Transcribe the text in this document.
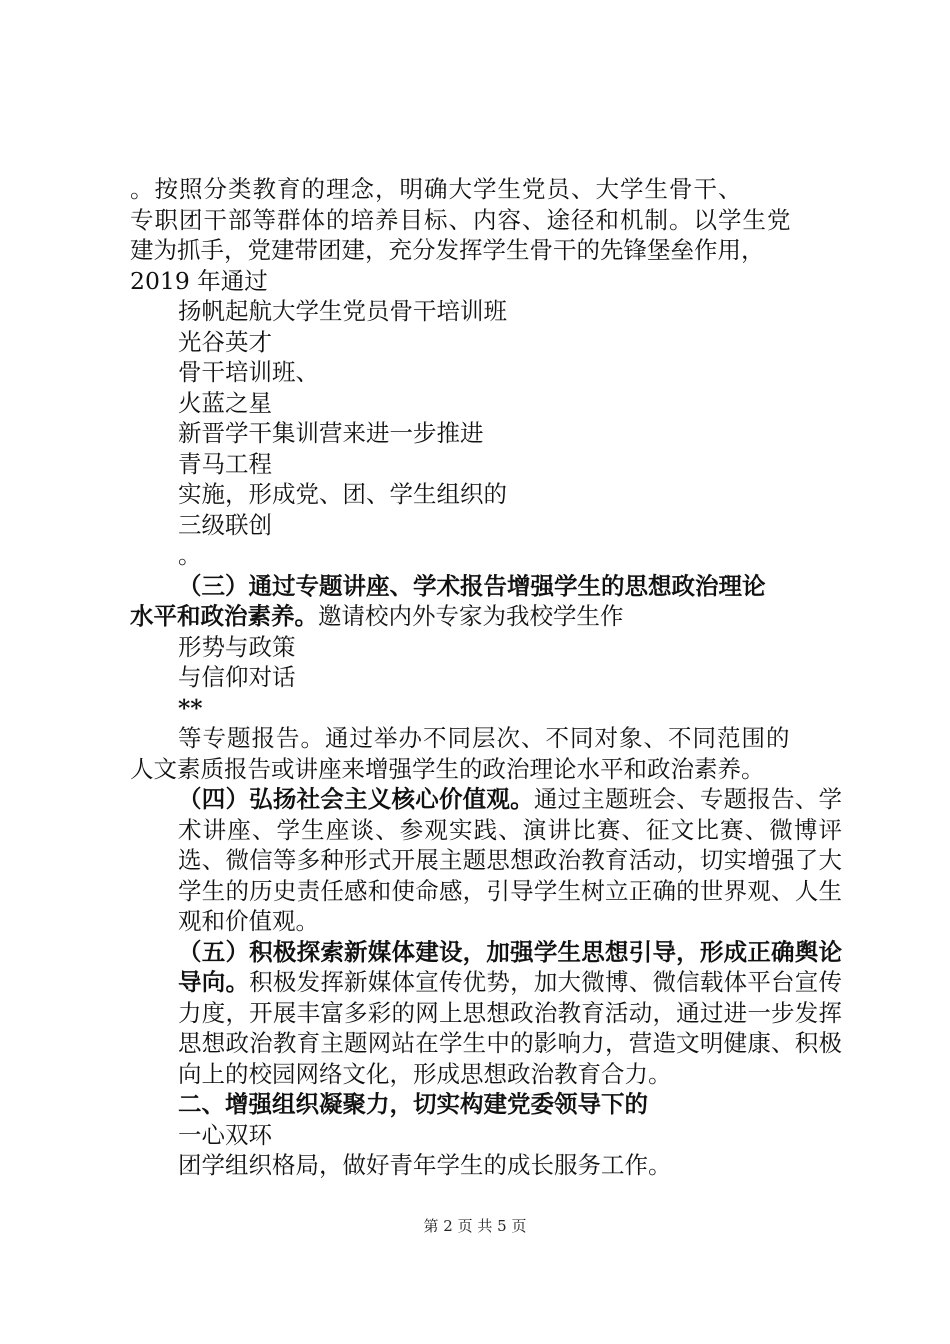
。按照分类教育的理念，明确大学生党员、大学生骨干、

专职团干部等群体的培养目标、内容、途径和机制。以学生党

建为抓手，党建带团建，充分发挥学生骨干的先锋堡垒作用，

2019 年通过

扬帆起航大学生党员骨干培训班

光谷英才

骨干培训班、

火蓝之星

新晋学干集训营来进一步推进

青马工程

实施，形成党、团、学生组织的

三级联创

。

（三）通过专题讲座、学术报告增强学生的思想政治理论

水平和政治素养。邀请校内外专家为我校学生作

形势与政策

与信仰对话

**

等专题报告。通过举办不同层次、不同对象、不同范围的

人文素质报告或讲座来增强学生的政治理论水平和政治素养。

（四）弘扬社会主义核心价值观。通过主题班会、专题报告、学术讲座、学生座谈、参观实践、演讲比赛、征文比赛、微博评选、微信等多种形式开展主题思想政治教育活动，切实增强了大学生的历史责任感和使命感，引导学生树立正确的世界观、人生观和价值观。

（五）积极探索新媒体建设，加强学生思想引导，形成正确舆论导向。积极发挥新媒体宣传优势，加大微博、微信载体平台宣传力度，开展丰富多彩的网上思想政治教育活动，通过进一步发挥思想政治教育主题网站在学生中的影响力，营造文明健康、积极向上的校园网络文化，形成思想政治教育合力。

二、增强组织凝聚力，切实构建党委领导下的

一心双环

团学组织格局，做好青年学生的成长服务工作。

第 2 页 共 5 页
